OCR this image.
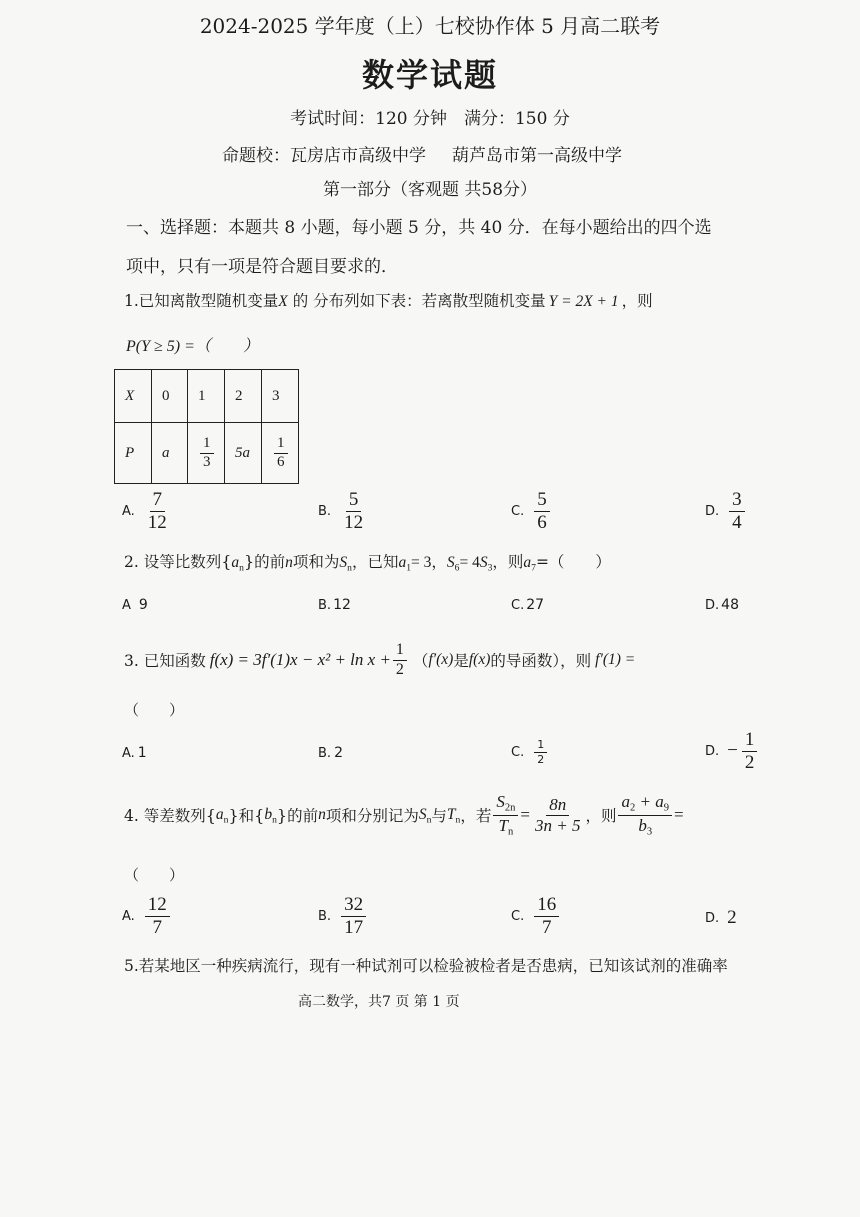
2024-2025 学年度（上）七校协作体 5 月高二联考
数学试题
考试时间：120 分钟　满分：150 分
命题校：瓦房店市高级中学 葫芦岛市第一高级中学
第一部分（客观题 共58分）
一、选择题：本题共 8 小题，每小题 5 分，共 40 分．在每小题给出的四个选
项中，只有一项是符合题目要求的．
1.已知离散型随机变量X 的 分布列如下表：若离散型随机变量 Y = 2X + 1 ，则
P(Y ≥ 5) =（　　）
X	0	1	2	3
P	a	$\frac{1}{3}$	5a	$\frac{1}{6}$
A. $\frac{7}{12}$	B. $\frac{5}{12}$	C. $\frac{5}{6}$	D. $\frac{3}{4}$
2. 设等比数列$\{a_n\}$的前n项和为$S_n$，已知$a_1= 3$，$S_6= 4S_3$，则$a_7=$（　　）
A 9	B. 12	C. 27	D. 48
3. 已知函数 $f(x) = 3f'(1)x - x^2 + \ln x + \frac{1}{2}$ （ f′(x) 是 f(x) 的导函数），则 f′(1) =
（　　）
A. 1	B. 2	C. $\frac{1}{2}$	D. − $\frac{1}{2}$
4. 等差数列 { $a_n$ } 和 { $b_n$ } 的前 n 项和分别记为 $S_n$ 与 $T_n$ ，若 $\frac{S_{2n}}{T_n} = \frac{8n}{3n + 5}$ ，则 $\frac{a_2 + a_9}{b_3}$ =
（　　）
A. $\frac{12}{7}$	B. $\frac{32}{17}$	C. $\frac{16}{7}$	D. 2
5.若某地区一种疾病流行，现有一种试剂可以检验被检者是否患病，已知该试剂的准确率
高二数学，共7 页 第 1 页
